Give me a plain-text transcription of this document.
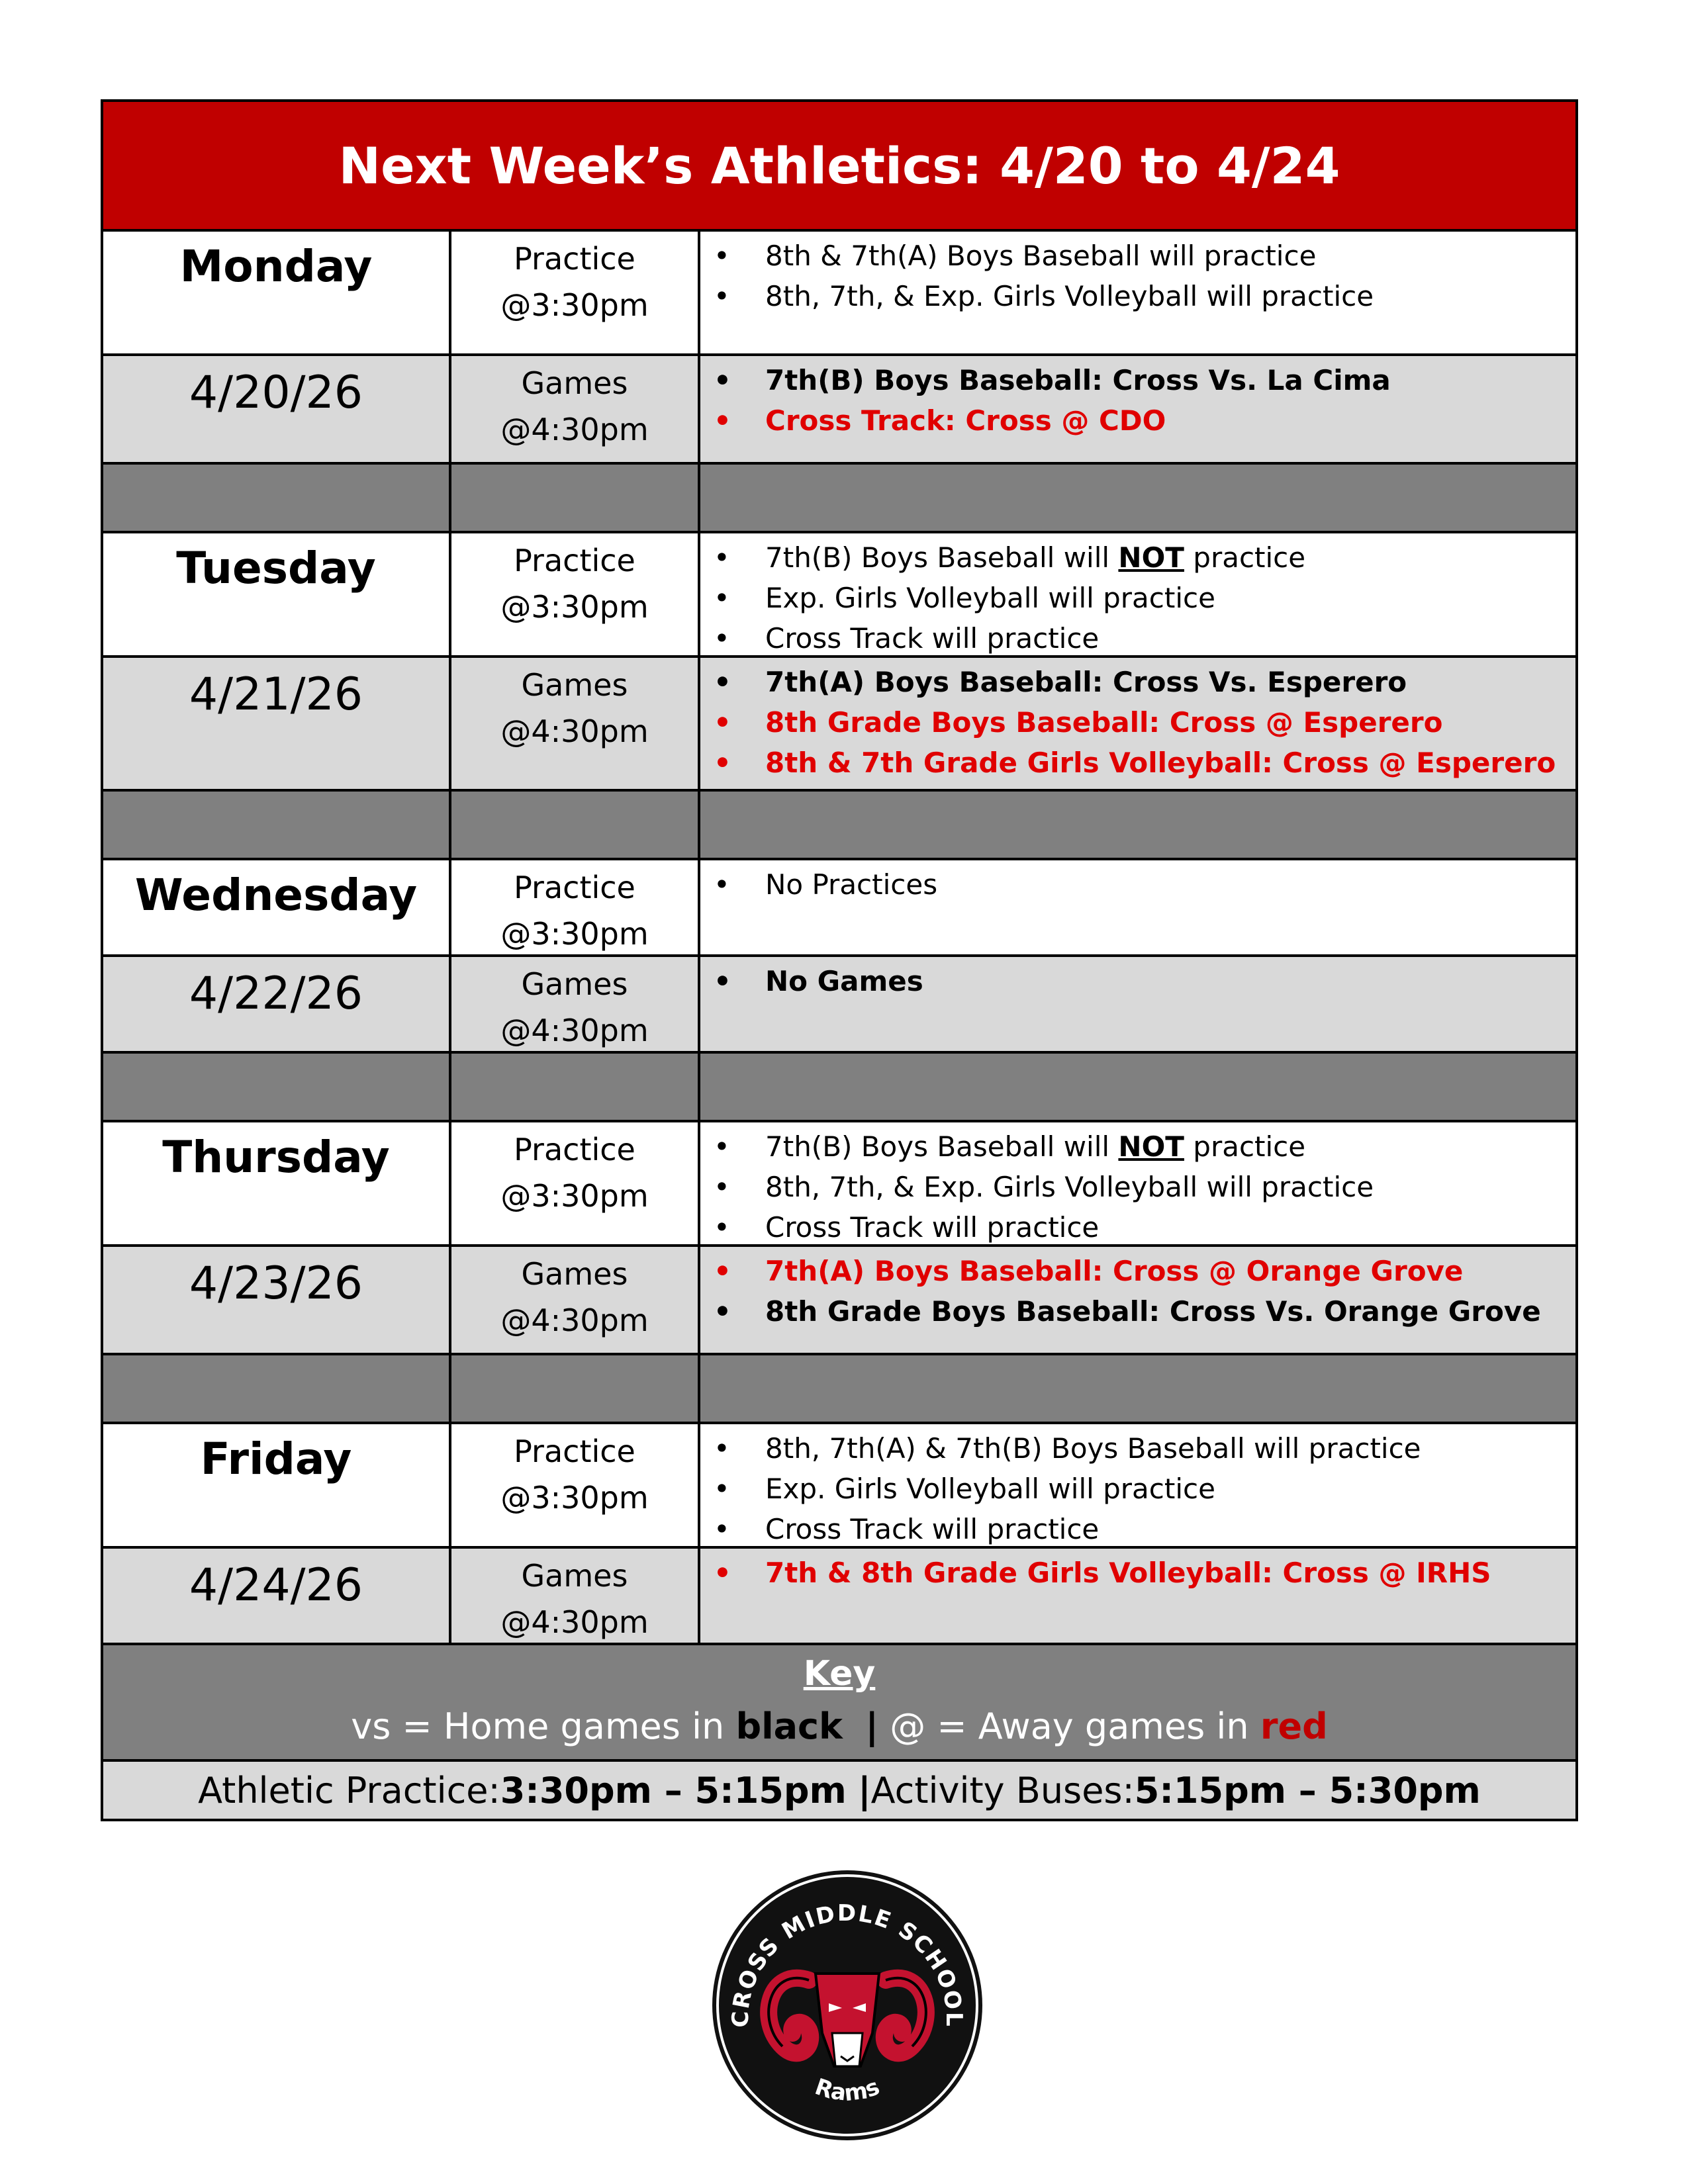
Next Week’s Athletics: 4/20 to 4/24
Monday	Practice
@3:30pm
• 8th & 7th(A) Boys Baseball will practice
• 8th, 7th, & Exp. Girls Volleyball will practice
4/20/26	Games
@4:30pm
• 7th(B) Boys Baseball: Cross Vs. La Cima
• Cross Track: Cross @ CDO
Tuesday	Practice
@3:30pm
• 7th(B) Boys Baseball will NOT practice
• Exp. Girls Volleyball will practice
• Cross Track will practice
4/21/26	Games
@4:30pm
• 7th(A) Boys Baseball: Cross Vs. Esperero
• 8th Grade Boys Baseball: Cross @ Esperero
• 8th & 7th Grade Girls Volleyball: Cross @ Esperero
Wednesday	Practice
@3:30pm
• No Practices
4/22/26	Games
@4:30pm
• No Games
Thursday	Practice
@3:30pm
• 7th(B) Boys Baseball will NOT practice
• 8th, 7th, & Exp. Girls Volleyball will practice
• Cross Track will practice
4/23/26	Games
@4:30pm
• 7th(A) Boys Baseball: Cross @ Orange Grove
• 8th Grade Boys Baseball: Cross Vs. Orange Grove
Friday	Practice
@3:30pm
• 8th, 7th(A) & 7th(B) Boys Baseball will practice
• Exp. Girls Volleyball will practice
• Cross Track will practice
4/24/26	Games
@4:30pm
• 7th & 8th Grade Girls Volleyball: Cross @ IRHS
Key
vs = Home games in black | @ = Away games in red
Athletic Practice: 3:30pm – 5:15pm
| Activity Buses: 5:15pm – 5:30pm
CROSS MIDDLE SCHOOL
Rams
